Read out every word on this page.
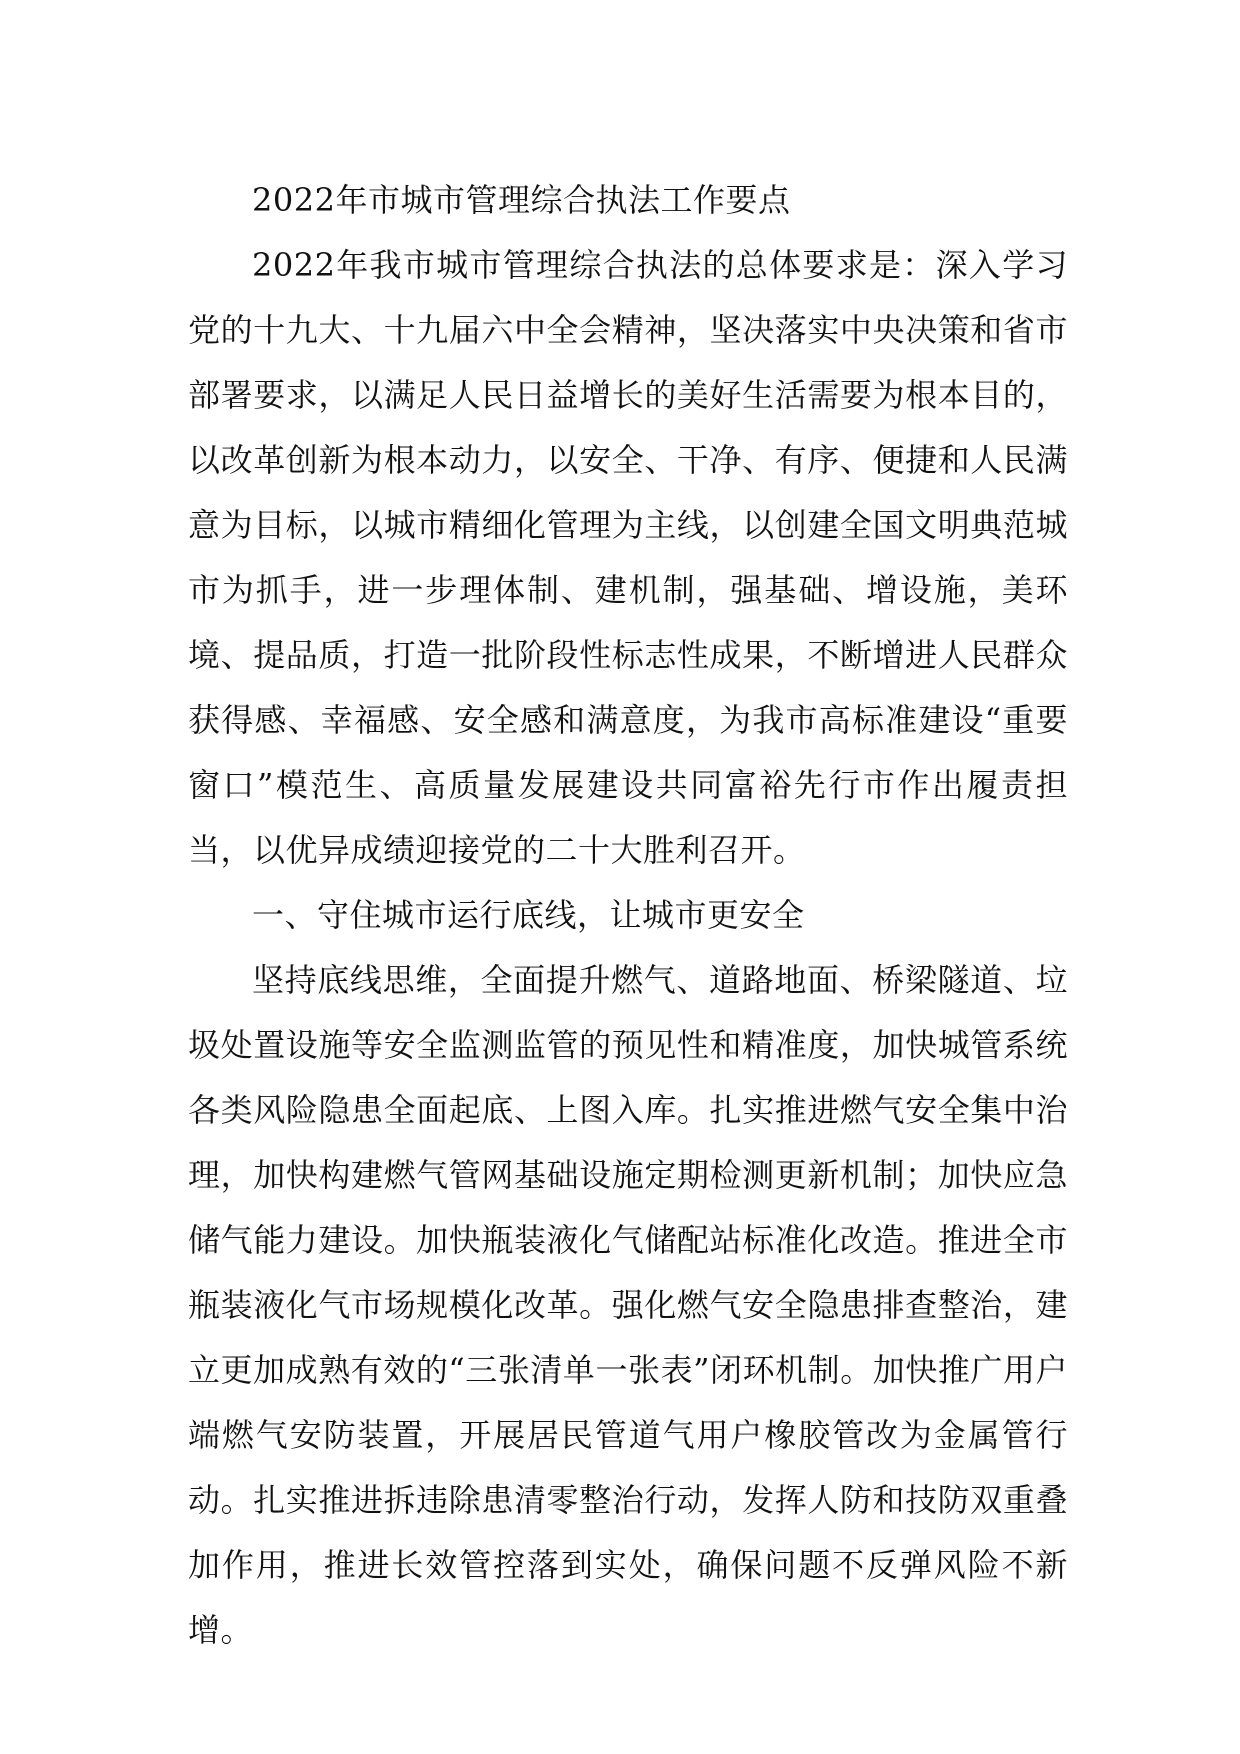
2022年市城市管理综合执法工作要点

2022年我市城市管理综合执法的总体要求是：深入学习党的十九大、十九届六中全会精神，坚决落实中央决策和省市部署要求，以满足人民日益增长的美好生活需要为根本目的，以改革创新为根本动力，以安全、干净、有序、便捷和人民满意为目标，以城市精细化管理为主线，以创建全国文明典范城市为抓手，进一步理体制、建机制，强基础、增设施，美环境、提品质，打造一批阶段性标志性成果，不断增进人民群众获得感、幸福感、安全感和满意度，为我市高标准建设“重要窗口”模范生、高质量发展建设共同富裕先行市作出履责担当，以优异成绩迎接党的二十大胜利召开。

一、守住城市运行底线，让城市更安全

坚持底线思维，全面提升燃气、道路地面、桥梁隧道、垃圾处置设施等安全监测监管的预见性和精准度，加快城管系统各类风险隐患全面起底、上图入库。扎实推进燃气安全集中治理，加快构建燃气管网基础设施定期检测更新机制；加快应急储气能力建设。加快瓶装液化气储配站标准化改造。推进全市瓶装液化气市场规模化改革。强化燃气安全隐患排查整治，建立更加成熟有效的“三张清单一张表”闭环机制。加快推广用户端燃气安防装置，开展居民管道气用户橡胶管改为金属管行动。扎实推进拆违除患清零整治行动，发挥人防和技防双重叠加作用，推进长效管控落到实处，确保问题不反弹风险不新增。
